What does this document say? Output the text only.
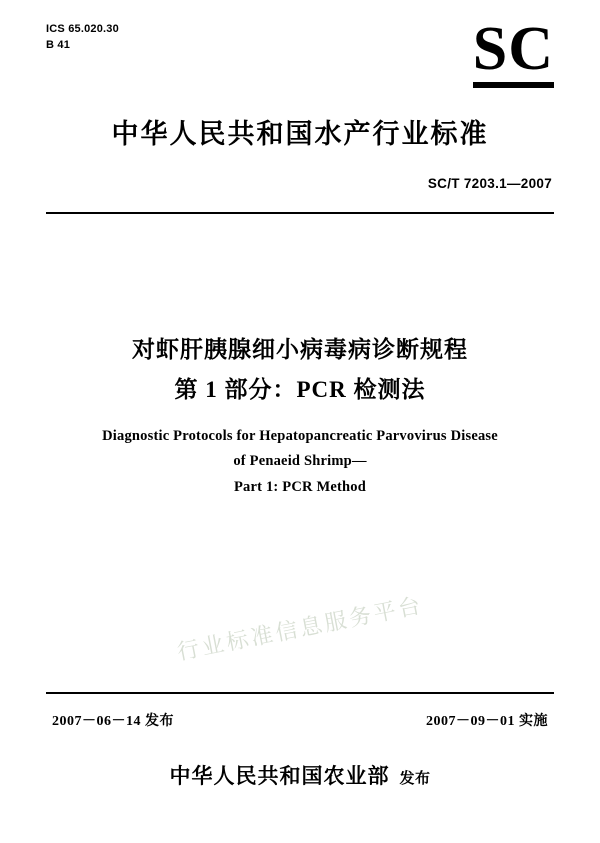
ICS 65.020.30
B 41	SC
中华人民共和国水产行业标准
SC/T 7203.1—2007
对虾肝胰腺细小病毒病诊断规程
第 1 部分：PCR 检测法
Diagnostic Protocols for Hepatopancreatic Parvovirus Disease
of Penaeid Shrimp—
Part 1: PCR Method
行业标准信息服务平台
2007－06－14 发布	2007－09－01 实施
中华人民共和国农业部 发布
